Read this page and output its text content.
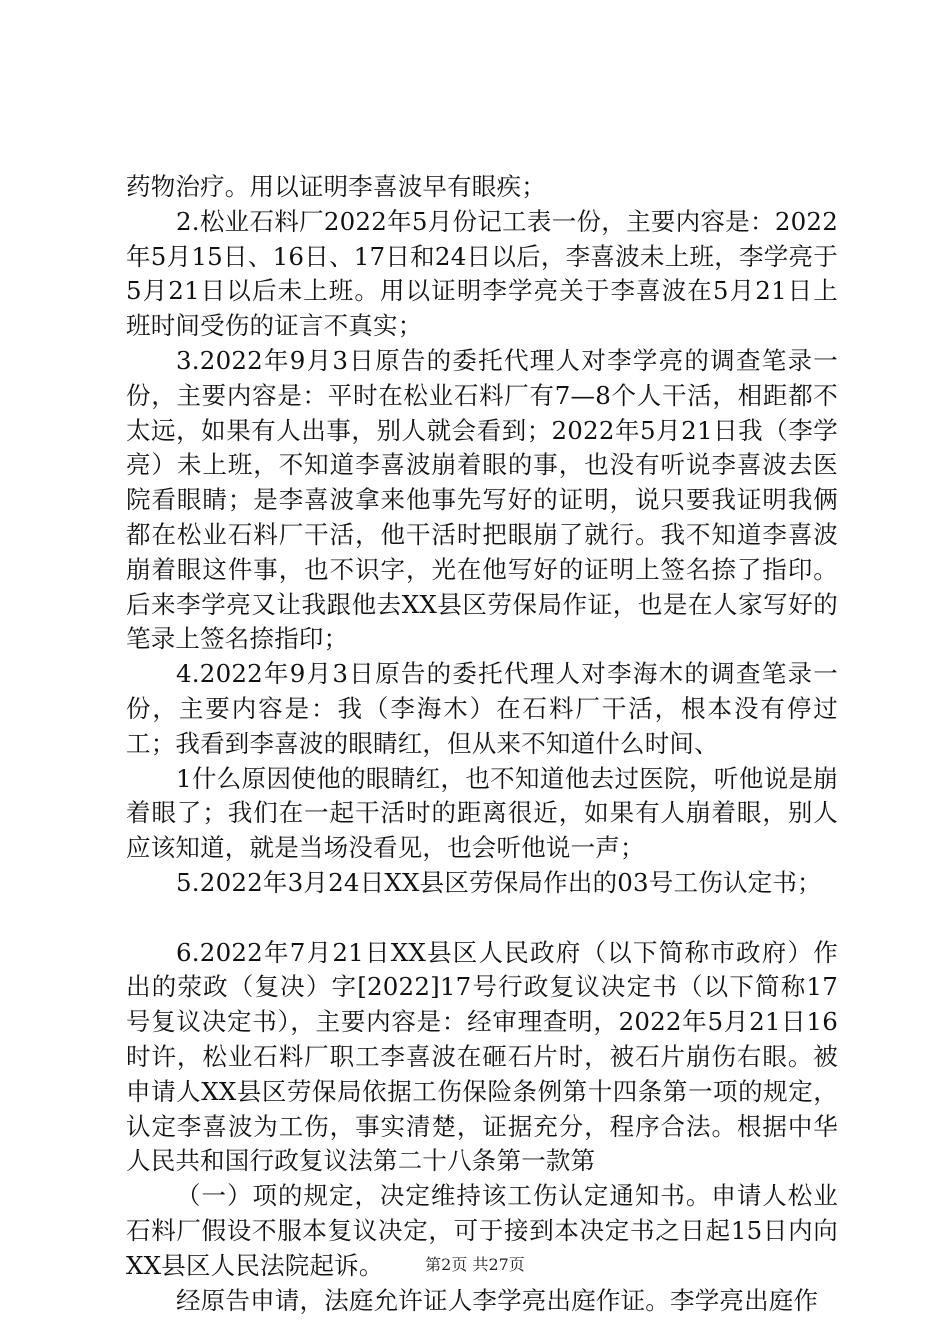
药物治疗。用以证明李喜波早有眼疾；

2.松业石料厂2022年5月份记工表一份，主要内容是：2022年5月15日、16日、17日和24日以后，李喜波未上班，李学亮于5月21日以后未上班。用以证明李学亮关于李喜波在5月21日上班时间受伤的证言不真实；

3.2022年9月3日原告的委托代理人对李学亮的调查笔录一份，主要内容是：平时在松业石料厂有7—8个人干活，相距都不太远，如果有人出事，别人就会看到；2022年5月21日我（李学亮）未上班，不知道李喜波崩着眼的事，也没有听说李喜波去医院看眼睛；是李喜波拿来他事先写好的证明，说只要我证明我俩都在松业石料厂干活，他干活时把眼崩了就行。我不知道李喜波崩着眼这件事，也不识字，光在他写好的证明上签名捺了指印。后来李学亮又让我跟他去XX县区劳保局作证，也是在人家写好的笔录上签名捺指印；

4.2022年9月3日原告的委托代理人对李海木的调查笔录一份，主要内容是：我（李海木）在石料厂干活，根本没有停过工；我看到李喜波的眼睛红，但从来不知道什么时间、

1什么原因使他的眼睛红，也不知道他去过医院，听他说是崩着眼了；我们在一起干活时的距离很近，如果有人崩着眼，别人应该知道，就是当场没看见，也会听他说一声；

5.2022年3月24日XX县区劳保局作出的03号工伤认定书；

6.2022年7月21日XX县区人民政府（以下简称市政府）作出的荥政（复决）字[2022]17号行政复议决定书（以下简称17号复议决定书），主要内容是：经审理查明，2022年5月21日16时许，松业石料厂职工李喜波在砸石片时，被石片崩伤右眼。被申请人XX县区劳保局依据工伤保险条例第十四条第一项的规定，认定李喜波为工伤，事实清楚，证据充分，程序合法。根据中华人民共和国行政复议法第二十八条第一款第

（一）项的规定，决定维持该工伤认定通知书。申请人松业石料厂假设不服本复议决定，可于接到本决定书之日起15日内向XX县区人民法院起诉。

经原告申请，法庭允许证人李学亮出庭作证。李学亮出庭作

第2页 共27页
